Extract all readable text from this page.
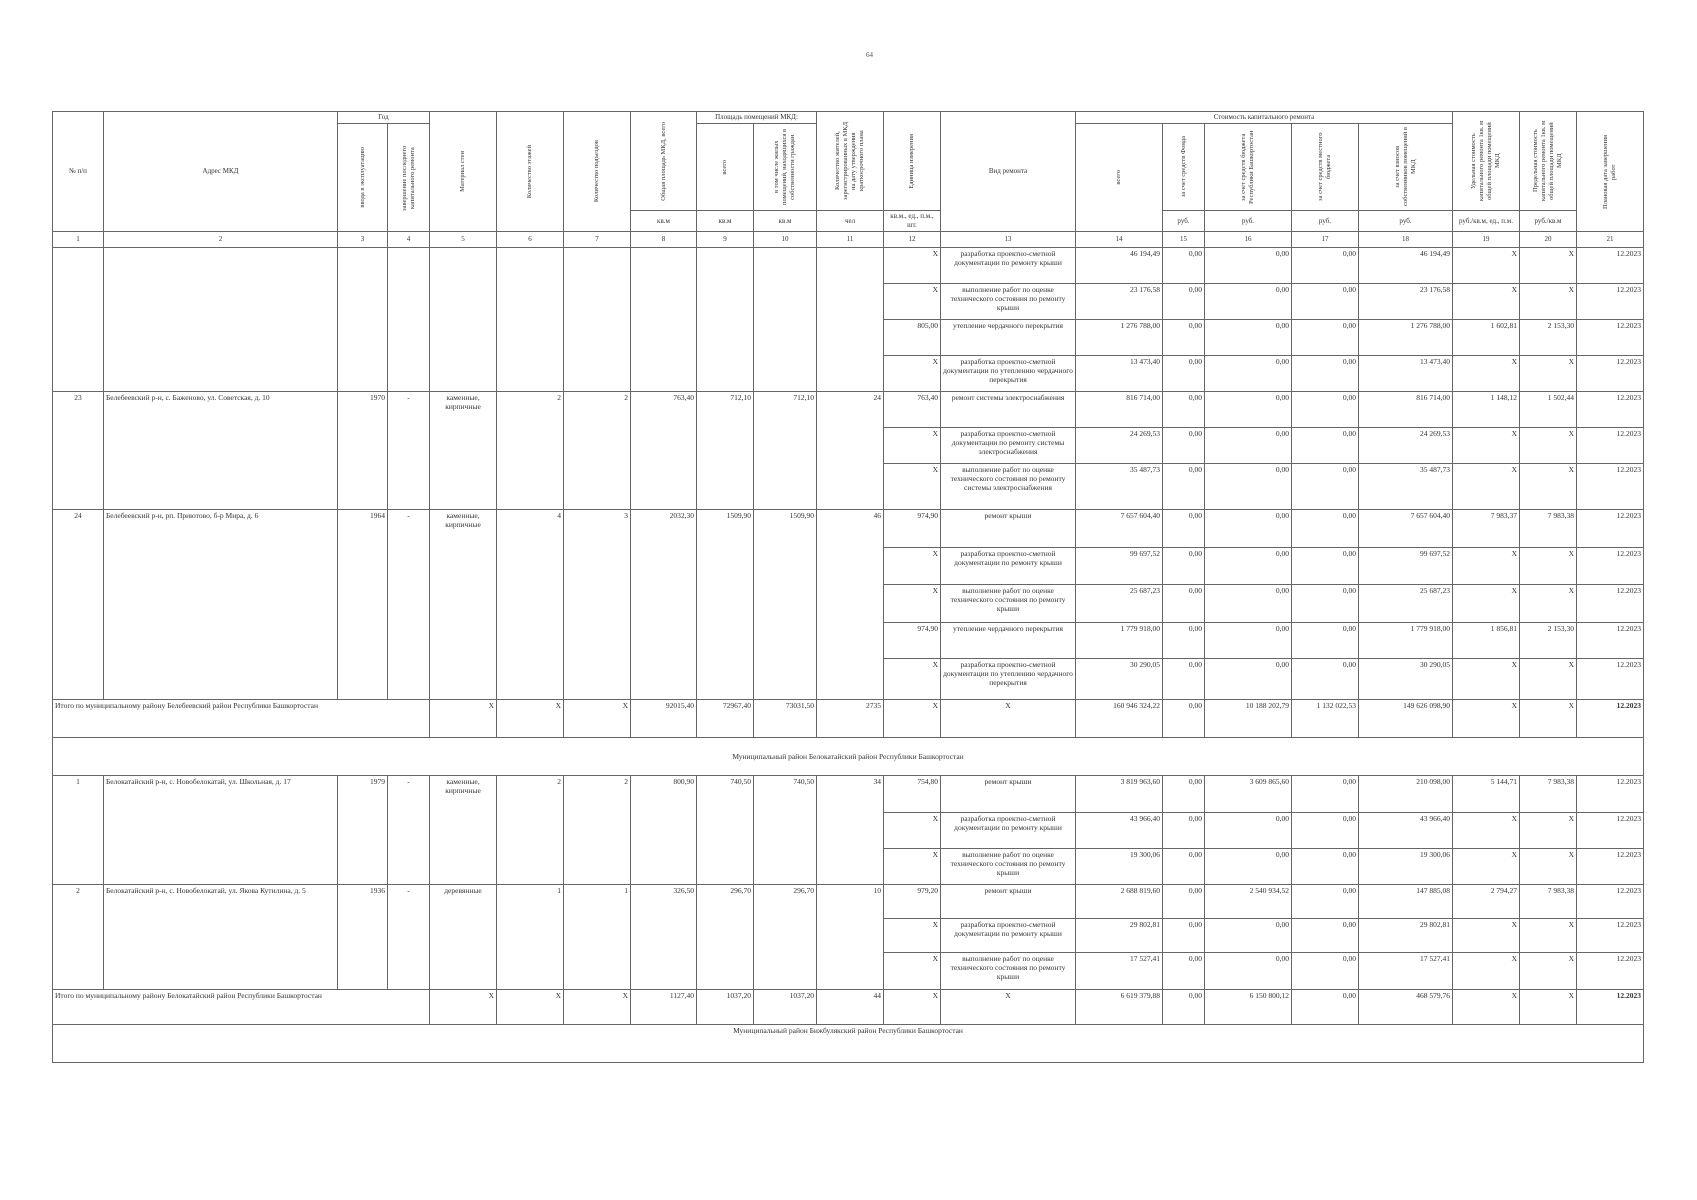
64
№ п/п	Адрес МКД	Год		Материал стен	Количество этажей	Количество подъездов	Общая площадь МКД, всего	Площадь помещений МКД:		Количество жителей, зарегистрированных в МКД на дату утверждения краткосрочного плана	Единица измерения	Вид ремонта	Стоимость капитального ремонта					Удельная стоимость капитального ремонта 1кв. м общей площади помещений МКД	Предельная стоимость капитального ремонта 1кв. м общей площади помещений МКД	Плановая дата завершения работ

		ввода в эксплуатацию	завершение последнего капитального ремонта					всего	в том числе жилых помещений, находящихся в собственности граждан				всего	за счет средств Фонда	за счет средств бюджета Республики Башкортостан	за счет средств местного бюджета	за счет взносов собственников помещений в МКД			

							кв.м	кв.м	кв.м	чел	кв.м., ед., п.м., шт.			руб.	руб.	руб.	руб.	руб./кв.м, ед., п.м.	руб./кв.м	
1	2	3	4	5	6	7	8	9	10	11	12	13	14	15	16	17	18	19	20	21
											X	разработка проектно-сметной документации по ремонту крыши	46 194,49	0,00	0,00	0,00	46 194,49	X	X	12.2023
											X	выполнение работ по оценке технического состояния по ремонту крыши	23 176,58	0,00	0,00	0,00	23 176,58	X	X	12.2023
											805,00	утепление чердачного перекрытия	1 276 788,00	0,00	0,00	0,00	1 276 788,00	1 602,81	2 153,30	12.2023
											X	разработка проектно-сметной документации по утеплению чердачного перекрытия	13 473,40	0,00	0,00	0,00	13 473,40	X	X	12.2023
23	Белебеевский р-н, с. Баженово, ул. Советская, д. 10	1970	-	каменные, кирпичные	2	2	763,40	712,10	712,10	24	763,40	ремонт системы электроснабжения	816 714,00	0,00	0,00	0,00	816 714,00	1 148,12	1 502,44	12.2023
											X	разработка проектно-сметной документации по ремонту системы электроснабжения	24 269,53	0,00	0,00	0,00	24 269,53	X	X	12.2023
											X	выполнение работ по оценке технического состояния по ремонту системы электроснабжения	35 487,73	0,00	0,00	0,00	35 487,73	X	X	12.2023
24	Белебеевский р-н, рп. Приютово, б-р Мира, д. 6	1964	-	каменные, кирпичные	4	3	2032,30	1509,90	1509,90	46	974,90	ремонт крыши	7 657 604,40	0,00	0,00	0,00	7 657 604,40	7 983,37	7 983,38	12.2023
											X	разработка проектно-сметной документации по ремонту крыши	99 697,52	0,00	0,00	0,00	99 697,52	X	X	12.2023
											X	выполнение работ по оценке технического состояния по ремонту крыши	25 687,23	0,00	0,00	0,00	25 687,23	X	X	12.2023
											974,90	утепление чердачного перекрытия	1 779 918,00	0,00	0,00	0,00	1 779 918,00	1 856,81	2 153,30	12.2023
											X	разработка проектно-сметной документации по утеплению чердачного перекрытия	30 290,05	0,00	0,00	0,00	30 290,05	X	X	12.2023
Итого по муниципальному району Белебеевский район Республики Башкортостан				X	X	X	92015,40	72967,40	73031,50	2735	X	X	160 946 324,22	0,00	10 188 202,79	1 132 022,53	149 626 098,90	X	X	12.2023
Муниципальный район Белокатайский район Республики Башкортостан																				
1	Белокатайский р-н, с. Новобелокатай, ул. Школьная, д. 17	1979	-	каменные, кирпичные	2	2	800,90	740,50	740,50	34	754,80	ремонт крыши	3 819 963,60	0,00	3 609 865,60	0,00	210 098,00	5 144,71	7 983,38	12.2023
											X	разработка проектно-сметной документации по ремонту крыши	43 966,40	0,00	0,00	0,00	43 966,40	X	X	12.2023
											X	выполнение работ по оценке технического состояния по ремонту крыши	19 300,06	0,00	0,00	0,00	19 300,06	X	X	12.2023
2	Белокатайский р-н, с. Новобелокатай, ул. Якова Кутилина, д. 5	1936	-	деревянные	1	1	326,50	296,70	296,70	10	979,20	ремонт крыши	2 688 819,60	0,00	2 540 934,52	0,00	147 885,08	2 794,27	7 983,38	12.2023
											X	разработка проектно-сметной документации по ремонту крыши	29 802,81	0,00	0,00	0,00	29 802,81	X	X	12.2023
											X	выполнение работ по оценке технического состояния по ремонту крыши	17 527,41	0,00	0,00	0,00	17 527,41	X	X	12.2023
Итого по муниципальному району Белокатайский район Республики Башкортостан				X	X	X	1127,40	1037,20	1037,20	44	X	X	6 619 379,88	0,00	6 150 800,12	0,00	468 579,76	X	X	12.2023
Муниципальный район Бижбулякский район Республики Башкортостан																				
